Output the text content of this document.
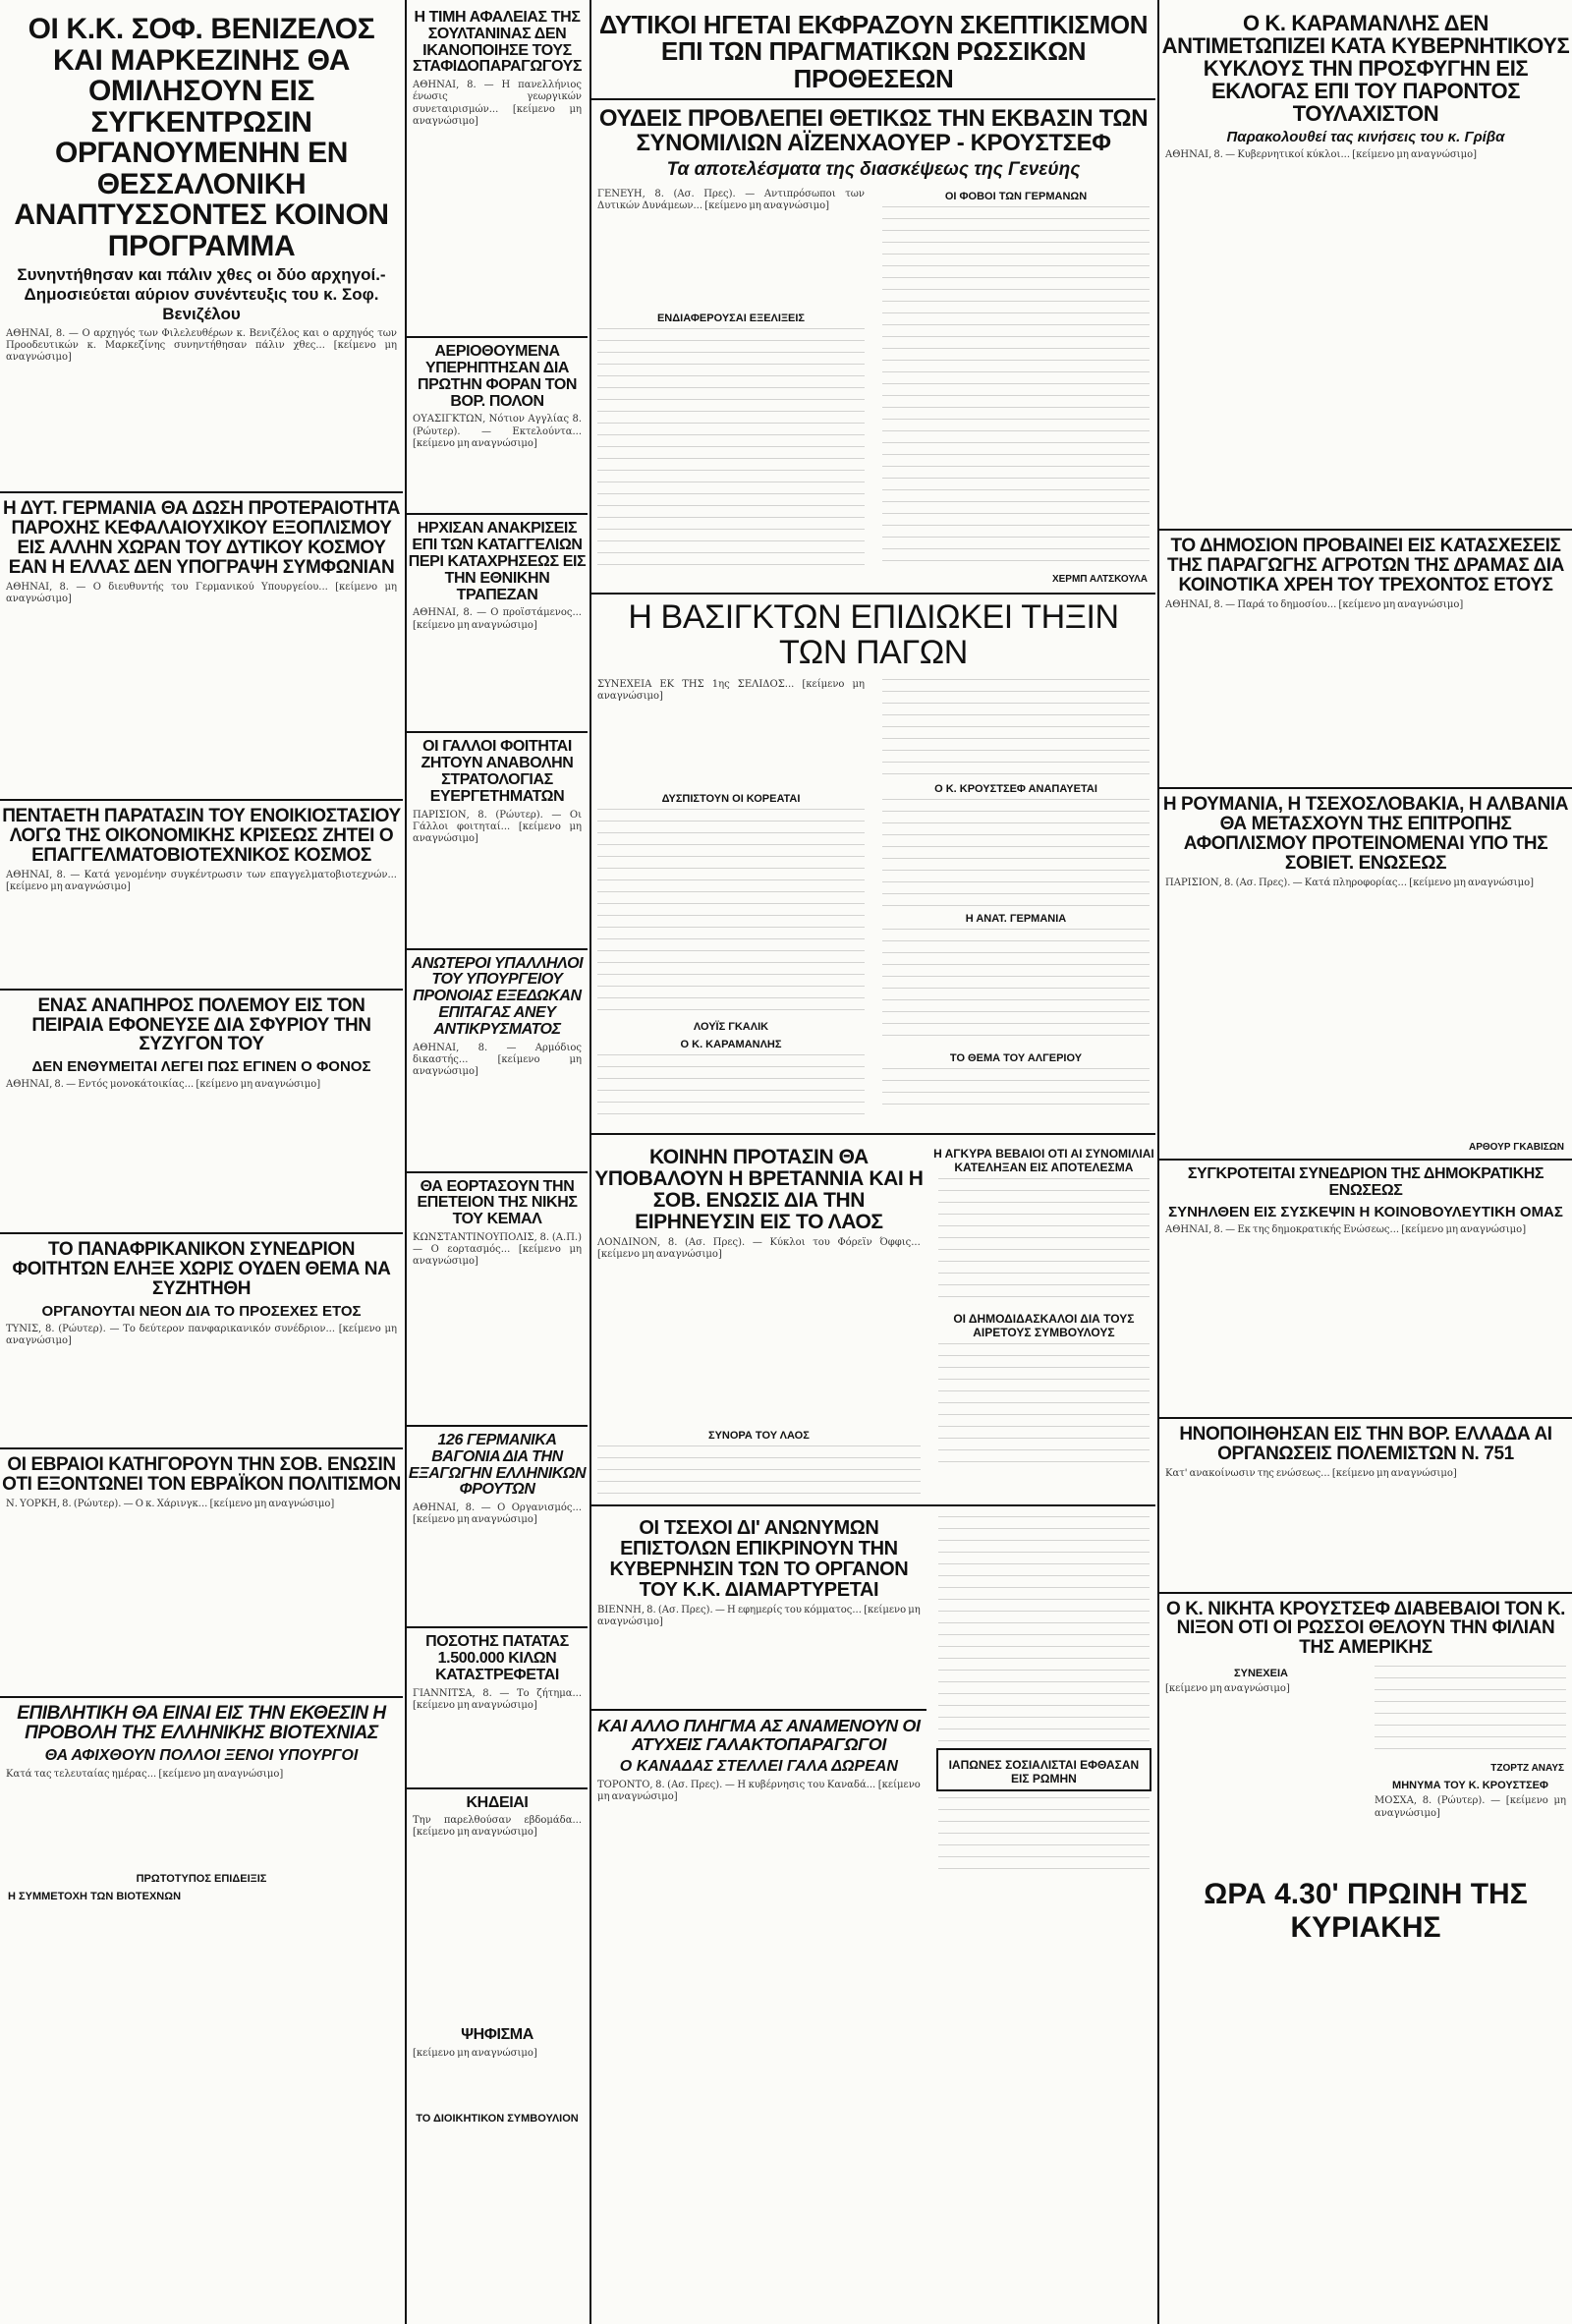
ΟΙ Κ.Κ. ΣΟΦ. ΒΕΝΙΖΕΛΟΣ ΚΑΙ ΜΑΡΚΕΖΙΝΗΣ ΘΑ ΟΜΙΛΗΣΟΥΝ ΕΙΣ ΣΥΓΚΕΝΤΡΩΣΙΝ ΟΡΓΑΝΟΥΜΕΝΗΝ ΕΝ ΘΕΣΣΑΛΟΝΙΚΗ ΑΝΑΠΤΥΣΣΟΝΤΕΣ ΚΟΙΝΟΝ ΠΡΟΓΡΑΜΜΑ
Συνηντήθησαν και πάλιν χθες οι δύο αρχηγοί.- Δημοσιεύεται αύριον συνέντευξις του κ. Σοφ. Βενιζέλου
ΑΘΗΝΑΙ, 8. — Ο αρχηγός των Φιλελευθέρων κ. Βενιζέλος και ο αρχηγός των Προοδευτικών κ. Μαρκεζίνης συνηντήθησαν πάλιν χθες... [κείμενο μη αναγνώσιμο]
Η ΔΥΤ. ΓΕΡΜΑΝΙΑ ΘΑ ΔΩΣΗ ΠΡΟΤΕΡΑΙΟΤΗΤΑ ΠΑΡΟΧΗΣ ΚΕΦΑΛΑΙΟΥΧΙΚΟΥ ΕΞΟΠΛΙΣΜΟΥ ΕΙΣ ΑΛΛΗΝ ΧΩΡΑΝ ΤΟΥ ΔΥΤΙΚΟΥ ΚΟΣΜΟΥ ΕΑΝ Η ΕΛΛΑΣ ΔΕΝ ΥΠΟΓΡΑΨΗ ΣΥΜΦΩΝΙΑΝ
ΑΘΗΝΑΙ, 8. — Ο διευθυντής του Γερμανικού Υπουργείου... [κείμενο μη αναγνώσιμο]
ΠΕΝΤΑΕΤΗ ΠΑΡΑΤΑΣΙΝ ΤΟΥ ΕΝΟΙΚΙΟΣΤΑΣΙΟΥ ΛΟΓΩ ΤΗΣ ΟΙΚΟΝΟΜΙΚΗΣ ΚΡΙΣΕΩΣ ΖΗΤΕΙ Ο ΕΠΑΓΓΕΛΜΑΤΟΒΙΟΤΕΧΝΙΚΟΣ ΚΟΣΜΟΣ
ΑΘΗΝΑΙ, 8. — Κατά γενομένην συγκέντρωσιν των επαγγελματοβιοτεχνών... [κείμενο μη αναγνώσιμο]
ΕΝΑΣ ΑΝΑΠΗΡΟΣ ΠΟΛΕΜΟΥ ΕΙΣ ΤΟΝ ΠΕΙΡΑΙΑ ΕΦΟΝΕΥΣΕ ΔΙΑ ΣΦΥΡΙΟΥ ΤΗΝ ΣΥΖΥΓΟΝ ΤΟΥ
ΔΕΝ ΕΝΘΥΜΕΙΤΑΙ ΛΕΓΕΙ ΠΩΣ ΕΓΙΝΕΝ Ο ΦΟΝΟΣ
ΑΘΗΝΑΙ, 8. — Εντός μονοκάτοικίας... [κείμενο μη αναγνώσιμο]
ΤΟ ΠΑΝΑΦΡΙΚΑΝΙΚΟΝ ΣΥΝΕΔΡΙΟΝ ΦΟΙΤΗΤΩΝ ΕΛΗΞΕ ΧΩΡΙΣ ΟΥΔΕΝ ΘΕΜΑ ΝΑ ΣΥΖΗΤΗΘΗ
ΟΡΓΑΝΟΥΤΑΙ ΝΕΟΝ ΔΙΑ ΤΟ ΠΡΟΣΕΧΕΣ ΕΤΟΣ
ΤΥΝΙΣ, 8. (Ρώυτερ). — Το δεύτερον πανφαρικανικόν συνέδριον... [κείμενο μη αναγνώσιμο]
ΟΙ ΕΒΡΑΙΟΙ ΚΑΤΗΓΟΡΟΥΝ ΤΗΝ ΣΟΒ. ΕΝΩΣΙΝ ΟΤΙ ΕΞΟΝΤΩΝΕΙ ΤΟΝ ΕΒΡΑΪΚΟΝ ΠΟΛΙΤΙΣΜΟΝ
Ν. ΥΟΡΚΗ, 8. (Ρώυτερ). — Ο κ. Χάρινγκ... [κείμενο μη αναγνώσιμο]
ΕΠΙΒΛΗΤΙΚΗ ΘΑ ΕΙΝΑΙ ΕΙΣ ΤΗΝ ΕΚΘΕΣΙΝ Η ΠΡΟΒΟΛΗ ΤΗΣ ΕΛΛΗΝΙΚΗΣ ΒΙΟΤΕΧΝΙΑΣ
ΘΑ ΑΦΙΧΘΟΥΝ ΠΟΛΛΟΙ ΞΕΝΟΙ ΥΠΟΥΡΓΟΙ
Κατά τας τελευταίας ημέρας... [κείμενο μη αναγνώσιμο]
ΠΡΩΤΟΤΥΠΟΣ ΕΠΙΔΕΙΞΙΣ
Η ΣΥΜΜΕΤΟΧΗ ΤΩΝ ΒΙΟΤΕΧΝΩΝ
Η ΤΙΜΗ ΑΦΑΛΕΙΑΣ ΤΗΣ ΣΟΥΛΤΑΝΙΝΑΣ ΔΕΝ ΙΚΑΝΟΠΟΙΗΣΕ ΤΟΥΣ ΣΤΑΦΙΔΟΠΑΡΑΓΩΓΟΥΣ
ΑΘΗΝΑΙ, 8. — Η πανελλήνιος ένωσις γεωργικών συνεταιρισμών... [κείμενο μη αναγνώσιμο]
ΑΕΡΙΟΘΟΥΜΕΝΑ ΥΠΕΡΗΠΤΗΣΑΝ ΔΙΑ ΠΡΩΤΗΝ ΦΟΡΑΝ ΤΟΝ ΒΟΡ. ΠΟΛΟΝ
ΟΥΑΣΙΓΚΤΩΝ, Νότιον Αγγλίας 8. (Ρώυτερ). — Εκτελούντα... [κείμενο μη αναγνώσιμο]
ΗΡΧΙΣΑΝ ΑΝΑΚΡΙΣΕΙΣ ΕΠΙ ΤΩΝ ΚΑΤΑΓΓΕΛΙΩΝ ΠΕΡΙ ΚΑΤΑΧΡΗΣΕΩΣ ΕΙΣ ΤΗΝ ΕΘΝΙΚΗΝ ΤΡΑΠΕΖΑΝ
ΑΘΗΝΑΙ, 8. — Ο προϊστάμενος... [κείμενο μη αναγνώσιμο]
ΟΙ ΓΑΛΛΟΙ ΦΟΙΤΗΤΑΙ ΖΗΤΟΥΝ ΑΝΑΒΟΛΗΝ ΣΤΡΑΤΟΛΟΓΙΑΣ ΕΥΕΡΓΕΤΗΜΑΤΩΝ
ΠΑΡΙΣΙΟΝ, 8. (Ρώυτερ). — Οι Γάλλοι φοιτηταί... [κείμενο μη αναγνώσιμο]
ΑΝΩΤΕΡΟΙ ΥΠΑΛΛΗΛΟΙ ΤΟΥ ΥΠΟΥΡΓΕΙΟΥ ΠΡΟΝΟΙΑΣ ΕΞΕΔΩΚΑΝ ΕΠΙΤΑΓΑΣ ΑΝΕΥ ΑΝΤΙΚΡΥΣΜΑΤΟΣ
ΑΘΗΝΑΙ, 8. — Αρμόδιος δικαστής... [κείμενο μη αναγνώσιμο]
ΘΑ ΕΟΡΤΑΣΟΥΝ ΤΗΝ ΕΠΕΤΕΙΟΝ ΤΗΣ ΝΙΚΗΣ ΤΟΥ ΚΕΜΑΛ
ΚΩΝΣΤΑΝΤΙΝΟΥΠΟΛΙΣ, 8. (Α.Π.) — Ο εορτασμός... [κείμενο μη αναγνώσιμο]
126 ΓΕΡΜΑΝΙΚΑ ΒΑΓΟΝΙΑ ΔΙΑ ΤΗΝ ΕΞΑΓΩΓΗΝ ΕΛΛΗΝΙΚΩΝ ΦΡΟΥΤΩΝ
ΑΘΗΝΑΙ, 8. — Ο Οργανισμός... [κείμενο μη αναγνώσιμο]
ΠΟΣΟΤΗΣ ΠΑΤΑΤΑΣ 1.500.000 ΚΙΛΩΝ ΚΑΤΑΣΤΡΕΦΕΤΑΙ
ΓΙΑΝΝΙΤΣΑ, 8. — Το ζήτημα... [κείμενο μη αναγνώσιμο]
ΚΗΔΕΙΑΙ
Την παρελθούσαν εβδομάδα... [κείμενο μη αναγνώσιμο]
ΨΗΦΙΣΜΑ
[κείμενο μη αναγνώσιμο]
ΤΟ ΔΙΟΙΚΗΤΙΚΟΝ ΣΥΜΒΟΥΛΙΟΝ
ΔΥΤΙΚΟΙ ΗΓΕΤΑΙ ΕΚΦΡΑΖΟΥΝ ΣΚΕΠΤΙΚΙΣΜΟΝ ΕΠΙ ΤΩΝ ΠΡΑΓΜΑΤΙΚΩΝ ΡΩΣΣΙΚΩΝ ΠΡΟΘΕΣΕΩΝ
ΟΥΔΕΙΣ ΠΡΟΒΛΕΠΕΙ ΘΕΤΙΚΩΣ ΤΗΝ ΕΚΒΑΣΙΝ ΤΩΝ ΣΥΝΟΜΙΛΙΩΝ ΑΪΖΕΝΧΑΟΥΕΡ - ΚΡΟΥΣΤΣΕΦ
Τα αποτελέσματα της διασκέψεως της Γενεύης
ΓΕΝΕΥΗ, 8. (Ασ. Πρες). — Αντιπρόσωποι των Δυτικών Δυνάμεων... [κείμενο μη αναγνώσιμο]
ΕΝΔΙΑΦΕΡΟΥΣΑΙ ΕΞΕΛΙΞΕΙΣ
ΟΙ ΦΟΒΟΙ ΤΩΝ ΓΕΡΜΑΝΩΝ
ΧΕΡΜΠ ΑΛΤΣΚΟΥΛΑ
Η ΒΑΣΙΓΚΤΩΝ ΕΠΙΔΙΩΚΕΙ ΤΗΞΙΝ ΤΩΝ ΠΑΓΩΝ
ΣΥΝΕΧΕΙΑ ΕΚ ΤΗΣ 1ης ΣΕΛΙΔΟΣ... [κείμενο μη αναγνώσιμο]
ΔΥΣΠΙΣΤΟΥΝ ΟΙ ΚΟΡΕΑΤΑΙ
ΛΟΥΪΣ ΓΚΑΛΙΚ
Ο Κ. ΚΑΡΑΜΑΝΛΗΣ
Ο Κ. ΚΡΟΥΣΤΣΕΦ ΑΝΑΠΑΥΕΤΑΙ
Η ΑΝΑΤ. ΓΕΡΜΑΝΙΑ
ΤΟ ΘΕΜΑ ΤΟΥ ΑΛΓΕΡΙΟΥ
ΚΟΙΝΗΝ ΠΡΟΤΑΣΙΝ ΘΑ ΥΠΟΒΑΛΟΥΝ Η ΒΡΕΤΑΝΝΙΑ ΚΑΙ Η ΣΟΒ. ΕΝΩΣΙΣ ΔΙΑ ΤΗΝ ΕΙΡΗΝΕΥΣΙΝ ΕΙΣ ΤΟ ΛΑΟΣ
ΛΟΝΔΙΝΟΝ, 8. (Ασ. Πρες). — Κύκλοι του Φόρεϊν Όφφις... [κείμενο μη αναγνώσιμο]
ΣΥΝΟΡΑ ΤΟΥ ΛΑΟΣ
Η ΑΓΚΥΡΑ ΒΕΒΑΙΟΙ ΟΤΙ ΑΙ ΣΥΝΟΜΙΛΙΑΙ ΚΑΤΕΛΗΞΑΝ ΕΙΣ ΑΠΟΤΕΛΕΣΜΑ
ΟΙ ΔΗΜΟΔΙΔΑΣΚΑΛΟΙ ΔΙΑ ΤΟΥΣ ΑΙΡΕΤΟΥΣ ΣΥΜΒΟΥΛΟΥΣ
ΟΙ ΤΣΕΧΟΙ ΔΙ' ΑΝΩΝΥΜΩΝ ΕΠΙΣΤΟΛΩΝ ΕΠΙΚΡΙΝΟΥΝ ΤΗΝ ΚΥΒΕΡΝΗΣΙΝ ΤΩΝ ΤΟ ΟΡΓΑΝΟΝ ΤΟΥ Κ.Κ. ΔΙΑΜΑΡΤΥΡΕΤΑΙ
ΒΙΕΝΝΗ, 8. (Ασ. Πρες). — Η εφημερίς του κόμματος... [κείμενο μη αναγνώσιμο]
ΚΑΙ ΑΛΛΟ ΠΛΗΓΜΑ ΑΣ ΑΝΑΜΕΝΟΥΝ ΟΙ ΑΤΥΧΕΙΣ ΓΑΛΑΚΤΟΠΑΡΑΓΩΓΟΙ
Ο ΚΑΝΑΔΑΣ ΣΤΕΛΛΕΙ ΓΑΛΑ ΔΩΡΕΑΝ
ΤΟΡΟΝΤΟ, 8. (Ασ. Πρες). — Η κυβέρνησις του Καναδά... [κείμενο μη αναγνώσιμο]
ΙΑΠΩΝΕΣ ΣΟΣΙΑΛΙΣΤΑΙ ΕΦΘΑΣΑΝ ΕΙΣ ΡΩΜΗΝ
Ο Κ. ΚΑΡΑΜΑΝΛΗΣ ΔΕΝ ΑΝΤΙΜΕΤΩΠΙΖΕΙ ΚΑΤΑ ΚΥΒΕΡΝΗΤΙΚΟΥΣ ΚΥΚΛΟΥΣ ΤΗΝ ΠΡΟΣΦΥΓΗΝ ΕΙΣ ΕΚΛΟΓΑΣ ΕΠΙ ΤΟΥ ΠΑΡΟΝΤΟΣ ΤΟΥΛΑΧΙΣΤΟΝ
Παρακολουθεί τας κινήσεις του κ. Γρίβα
ΑΘΗΝΑΙ, 8. — Κυβερνητικοί κύκλοι... [κείμενο μη αναγνώσιμο]
ΤΟ ΔΗΜΟΣΙΟΝ ΠΡΟΒΑΙΝΕΙ ΕΙΣ ΚΑΤΑΣΧΕΣΕΙΣ ΤΗΣ ΠΑΡΑΓΩΓΗΣ ΑΓΡΟΤΩΝ ΤΗΣ ΔΡΑΜΑΣ ΔΙΑ ΚΟΙΝΟΤΙΚΑ ΧΡΕΗ ΤΟΥ ΤΡΕΧΟΝΤΟΣ ΕΤΟΥΣ
ΑΘΗΝΑΙ, 8. — Παρά το δημοσίου... [κείμενο μη αναγνώσιμο]
Η ΡΟΥΜΑΝΙΑ, Η ΤΣΕΧΟΣΛΟΒΑΚΙΑ, Η ΑΛΒΑΝΙΑ ΘΑ ΜΕΤΑΣΧΟΥΝ ΤΗΣ ΕΠΙΤΡΟΠΗΣ ΑΦΟΠΛΙΣΜΟΥ ΠΡΟΤΕΙΝΟΜΕΝΑΙ ΥΠΟ ΤΗΣ ΣΟΒΙΕΤ. ΕΝΩΣΕΩΣ
ΠΑΡΙΣΙΟΝ, 8. (Ασ. Πρες). — Κατά πληροφορίας... [κείμενο μη αναγνώσιμο]
ΑΡΘΟΥΡ ΓΚΑΒΙΣΩΝ
ΣΥΓΚΡΟΤΕΙΤΑΙ ΣΥΝΕΔΡΙΟΝ ΤΗΣ ΔΗΜΟΚΡΑΤΙΚΗΣ ΕΝΩΣΕΩΣ
ΣΥΝΗΛΘΕΝ ΕΙΣ ΣΥΣΚΕΨΙΝ Η ΚΟΙΝΟΒΟΥΛΕΥΤΙΚΗ ΟΜΑΣ
ΑΘΗΝΑΙ, 8. — Εκ της δημοκρατικής Ενώσεως... [κείμενο μη αναγνώσιμο]
ΗΝΟΠΟΙΗΘΗΣΑΝ ΕΙΣ ΤΗΝ ΒΟΡ. ΕΛΛΑΔΑ ΑΙ ΟΡΓΑΝΩΣΕΙΣ ΠΟΛΕΜΙΣΤΩΝ Ν. 751
Κατ' ανακοίνωσιν της ενώσεως... [κείμενο μη αναγνώσιμο]
Ο Κ. ΝΙΚΗΤΑ ΚΡΟΥΣΤΣΕΦ ΔΙΑΒΕΒΑΙΟΙ ΤΟΝ Κ. ΝΙΞΟΝ ΟΤΙ ΟΙ ΡΩΣΣΟΙ ΘΕΛΟΥΝ ΤΗΝ ΦΙΛΙΑΝ ΤΗΣ ΑΜΕΡΙΚΗΣ
ΣΥΝΕΧΕΙΑ
[κείμενο μη αναγνώσιμο]
ΤΖΟΡΤΖ ΑΝΑΥΣ
ΜΗΝΥΜΑ ΤΟΥ Κ. ΚΡΟΥΣΤΣΕΦ
ΜΟΣΧΑ, 8. (Ρώυτερ). — [κείμενο μη αναγνώσιμο]
ΩΡΑ 4.30' ΠΡΩΙΝΗ ΤΗΣ ΚΥΡΙΑΚΗΣ
